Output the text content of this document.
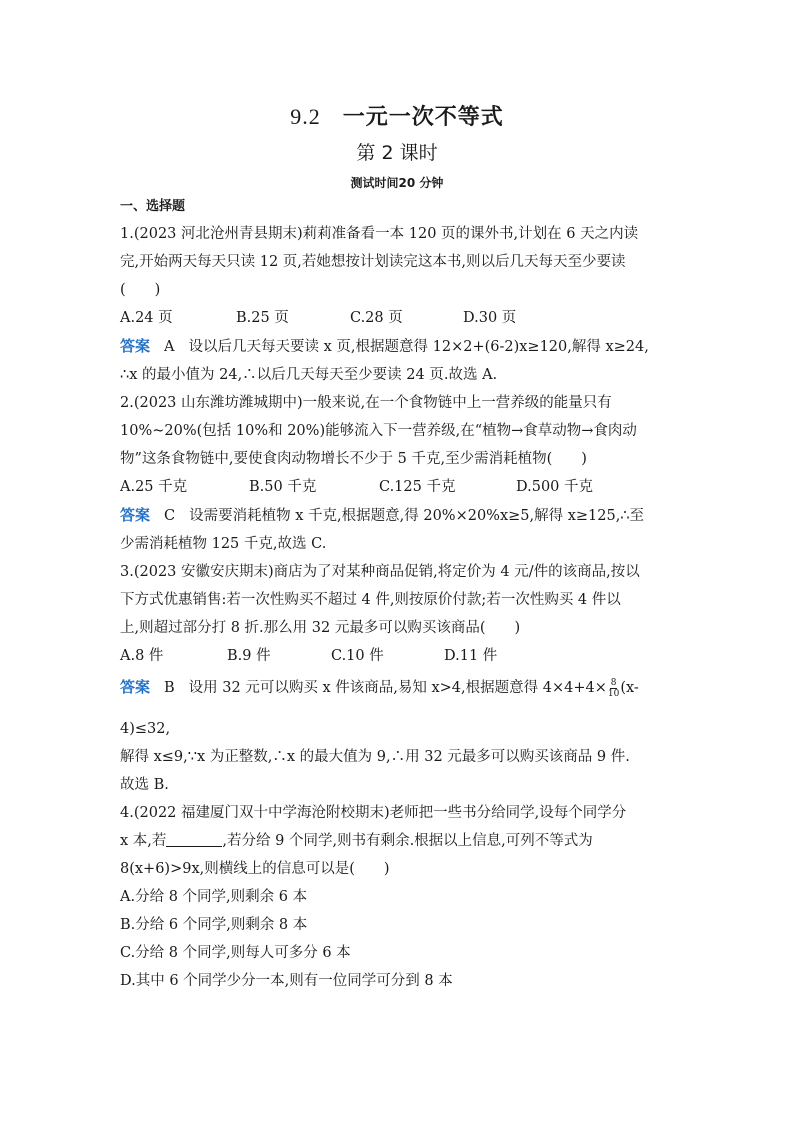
9.2 一元一次不等式
第 2 课时
测试时间20 分钟
一、选择题
1.(2023 河北沧州青县期末)莉莉准备看一本 120 页的课外书,计划在 6 天之内读
完,开始两天每天只读 12 页,若她想按计划读完这本书,则以后几天每天至少要读
(　　)
A.24 页	B.25 页	C.28 页	D.30 页
答案 A 设以后几天每天要读 x 页,根据题意得 12×2+(6-2)x≥120,解得 x≥24,
∴x 的最小值为 24,∴以后几天每天至少要读 24 页.故选 A.
2.(2023 山东潍坊潍城期中)一般来说,在一个食物链中上一营养级的能量只有
10%~20%(包括 10%和 20%)能够流入下一营养级,在“植物→食草动物→食肉动
物”这条食物链中,要使食肉动物增长不少于 5 千克,至少需消耗植物(　　)
A.25 千克	B.50 千克	C.125 千克	D.500 千克
答案 C 设需要消耗植物 x 千克,根据题意,得 20%×20%x≥5,解得 x≥125,∴至
少需消耗植物 125 千克,故选 C.
3.(2023 安徽安庆期末)商店为了对某种商品促销,将定价为 4 元/件的该商品,按以
下方式优惠销售:若一次性购买不超过 4 件,则按原价付款;若一次性购买 4 件以
上,则超过部分打 8 折.那么用 32 元最多可以购买该商品(　　)
A.8 件	B.9 件	C.10 件	D.11 件
答案 B 设用 32 元可以购买 x 件该商品,易知 x>4,根据题意得 $4\times 4+4\times \frac{8}{10} (x-$
4)≤32,
解得 x≤9,∵x 为正整数,∴x 的最大值为 9,∴用 32 元最多可以购买该商品 9 件.
故选 B.
4.(2022 福建厦门双十中学海沧附校期末)老师把一些书分给同学,设每个同学分
x 本,若	,若分给 9 个同学,则书有剩余.根据以上信息,可列不等式为
8(x+6)>9x,则横线上的信息可以是(　　)
A.分给 8 个同学,则剩余 6 本
B.分给 6 个同学,则剩余 8 本
C.分给 8 个同学,则每人可多分 6 本
D.其中 6 个同学少分一本,则有一位同学可分到 8 本
